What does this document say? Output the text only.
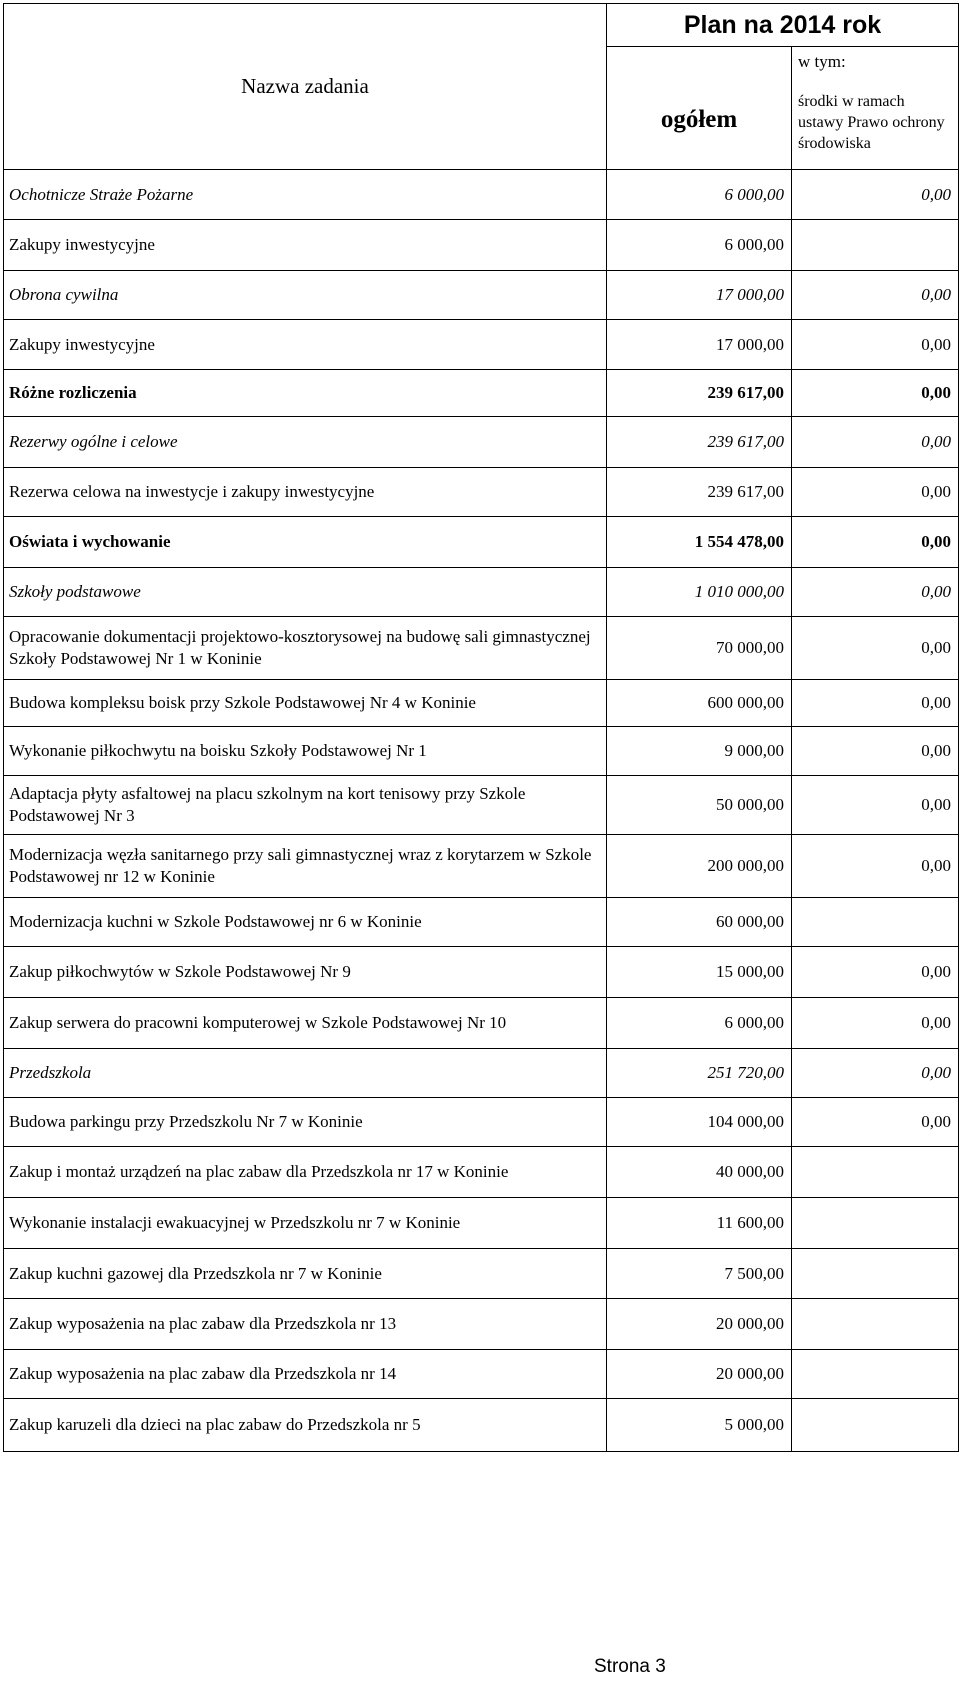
Nazwa zadania	Plan na 2014 rok	
	ogółem	w tym:
		środki w ramach ustawy Prawo ochrony środowiska
Ochotnicze Straże Pożarne	6 000,00	0,00
Zakupy inwestycyjne	6 000,00	
Obrona cywilna	17 000,00	0,00
Zakupy inwestycyjne	17 000,00	0,00
Różne rozliczenia	239 617,00	0,00
Rezerwy ogólne i celowe	239 617,00	0,00
Rezerwa celowa na inwestycje i zakupy inwestycyjne	239 617,00	0,00
Oświata i wychowanie	1 554 478,00	0,00
Szkoły podstawowe	1 010 000,00	0,00
Opracowanie dokumentacji projektowo-kosztorysowej na budowę sali gimnastycznej Szkoły Podstawowej Nr 1 w Koninie	70 000,00	0,00
Budowa kompleksu boisk przy Szkole Podstawowej Nr 4 w Koninie	600 000,00	0,00
Wykonanie piłkochwytu na boisku Szkoły Podstawowej Nr 1	9 000,00	0,00
Adaptacja płyty asfaltowej na placu szkolnym na kort tenisowy przy Szkole Podstawowej Nr 3	50 000,00	0,00
Modernizacja węzła sanitarnego przy sali gimnastycznej wraz z korytarzem w Szkole Podstawowej nr 12 w Koninie	200 000,00	0,00
Modernizacja kuchni w Szkole Podstawowej nr 6 w Koninie	60 000,00	
Zakup piłkochwytów w Szkole Podstawowej Nr 9	15 000,00	0,00
Zakup serwera do pracowni komputerowej w Szkole Podstawowej Nr 10	6 000,00	0,00
Przedszkola	251 720,00	0,00
Budowa parkingu przy Przedszkolu Nr 7 w Koninie	104 000,00	0,00
Zakup i montaż urządzeń na plac zabaw dla Przedszkola nr 17 w Koninie	40 000,00	
Wykonanie instalacji ewakuacyjnej w Przedszkolu nr 7 w Koninie	11 600,00	
Zakup kuchni gazowej dla Przedszkola nr 7 w Koninie	7 500,00	
Zakup wyposażenia na plac zabaw dla Przedszkola nr 13	20 000,00	
Zakup wyposażenia na plac zabaw dla Przedszkola nr 14	20 000,00	
Zakup karuzeli dla dzieci na plac zabaw do Przedszkola nr 5	5 000,00	
Strona 3
